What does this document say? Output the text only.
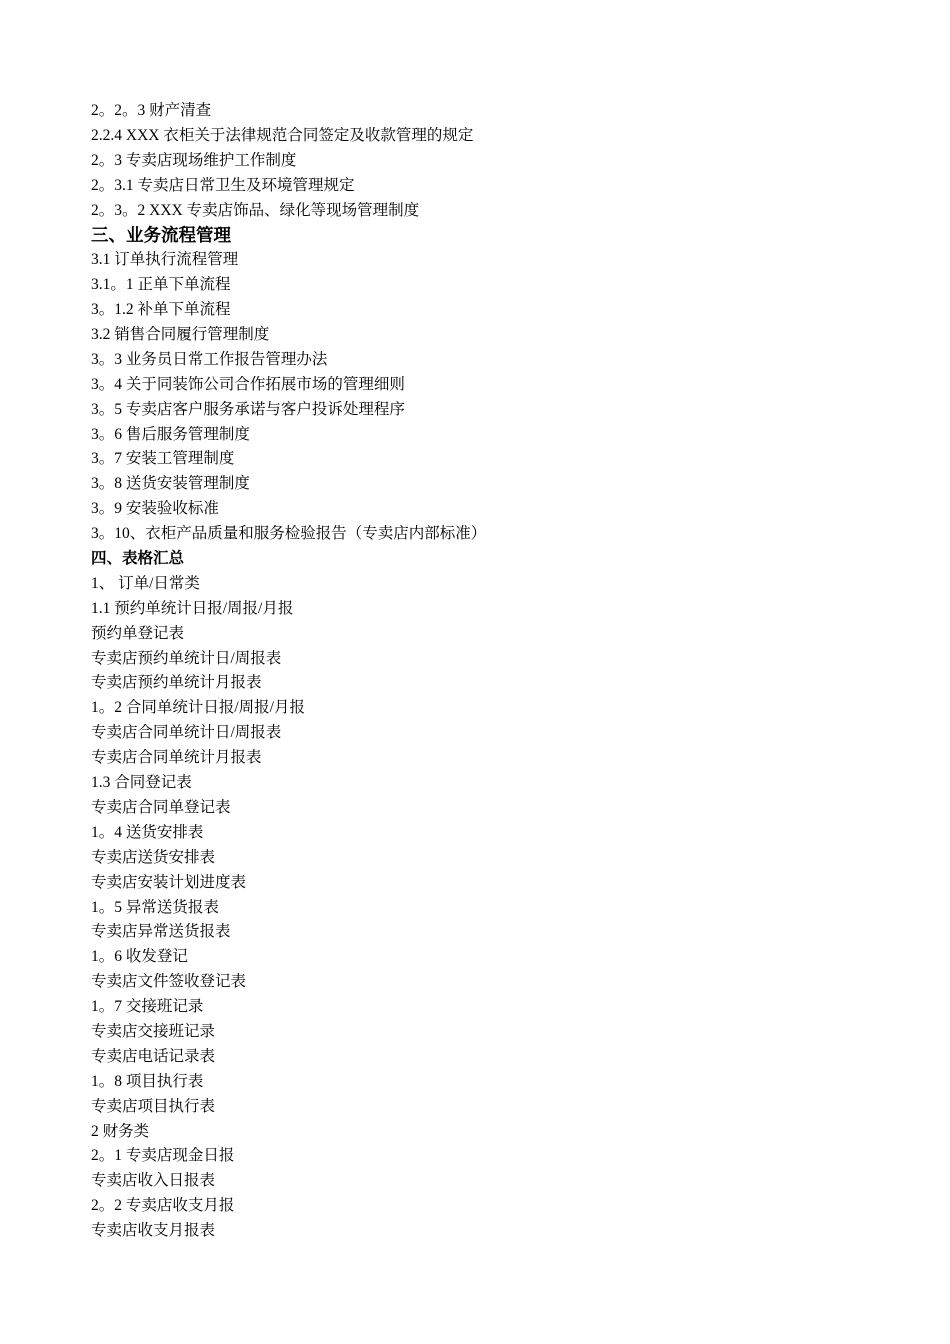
2。2。3 财产清查
2.2.4 XXX 衣柜关于法律规范合同签定及收款管理的规定
2。3 专卖店现场维护工作制度
2。3.1 专卖店日常卫生及环境管理规定
2。3。2 XXX 专卖店饰品、绿化等现场管理制度
三、业务流程管理
3.1 订单执行流程管理
3.1。1 正单下单流程
3。1.2 补单下单流程
3.2 销售合同履行管理制度
3。3 业务员日常工作报告管理办法
3。4 关于同装饰公司合作拓展市场的管理细则
3。5 专卖店客户服务承诺与客户投诉处理程序
3。6 售后服务管理制度
3。7 安装工管理制度
3。8 送货安装管理制度
3。9 安装验收标准
3。10、衣柜产品质量和服务检验报告（专卖店内部标准）
四、表格汇总
1、 订单/日常类
1.1 预约单统计日报/周报/月报
预约单登记表
专卖店预约单统计日/周报表
专卖店预约单统计月报表
1。2 合同单统计日报/周报/月报
专卖店合同单统计日/周报表
专卖店合同单统计月报表
1.3 合同登记表
专卖店合同单登记表
1。4 送货安排表
专卖店送货安排表
专卖店安装计划进度表
1。5 异常送货报表
专卖店异常送货报表
1。6 收发登记
专卖店文件签收登记表
1。7 交接班记录
专卖店交接班记录
专卖店电话记录表
1。8 项目执行表
专卖店项目执行表
2 财务类
2。1 专卖店现金日报
专卖店收入日报表
2。2 专卖店收支月报
专卖店收支月报表
